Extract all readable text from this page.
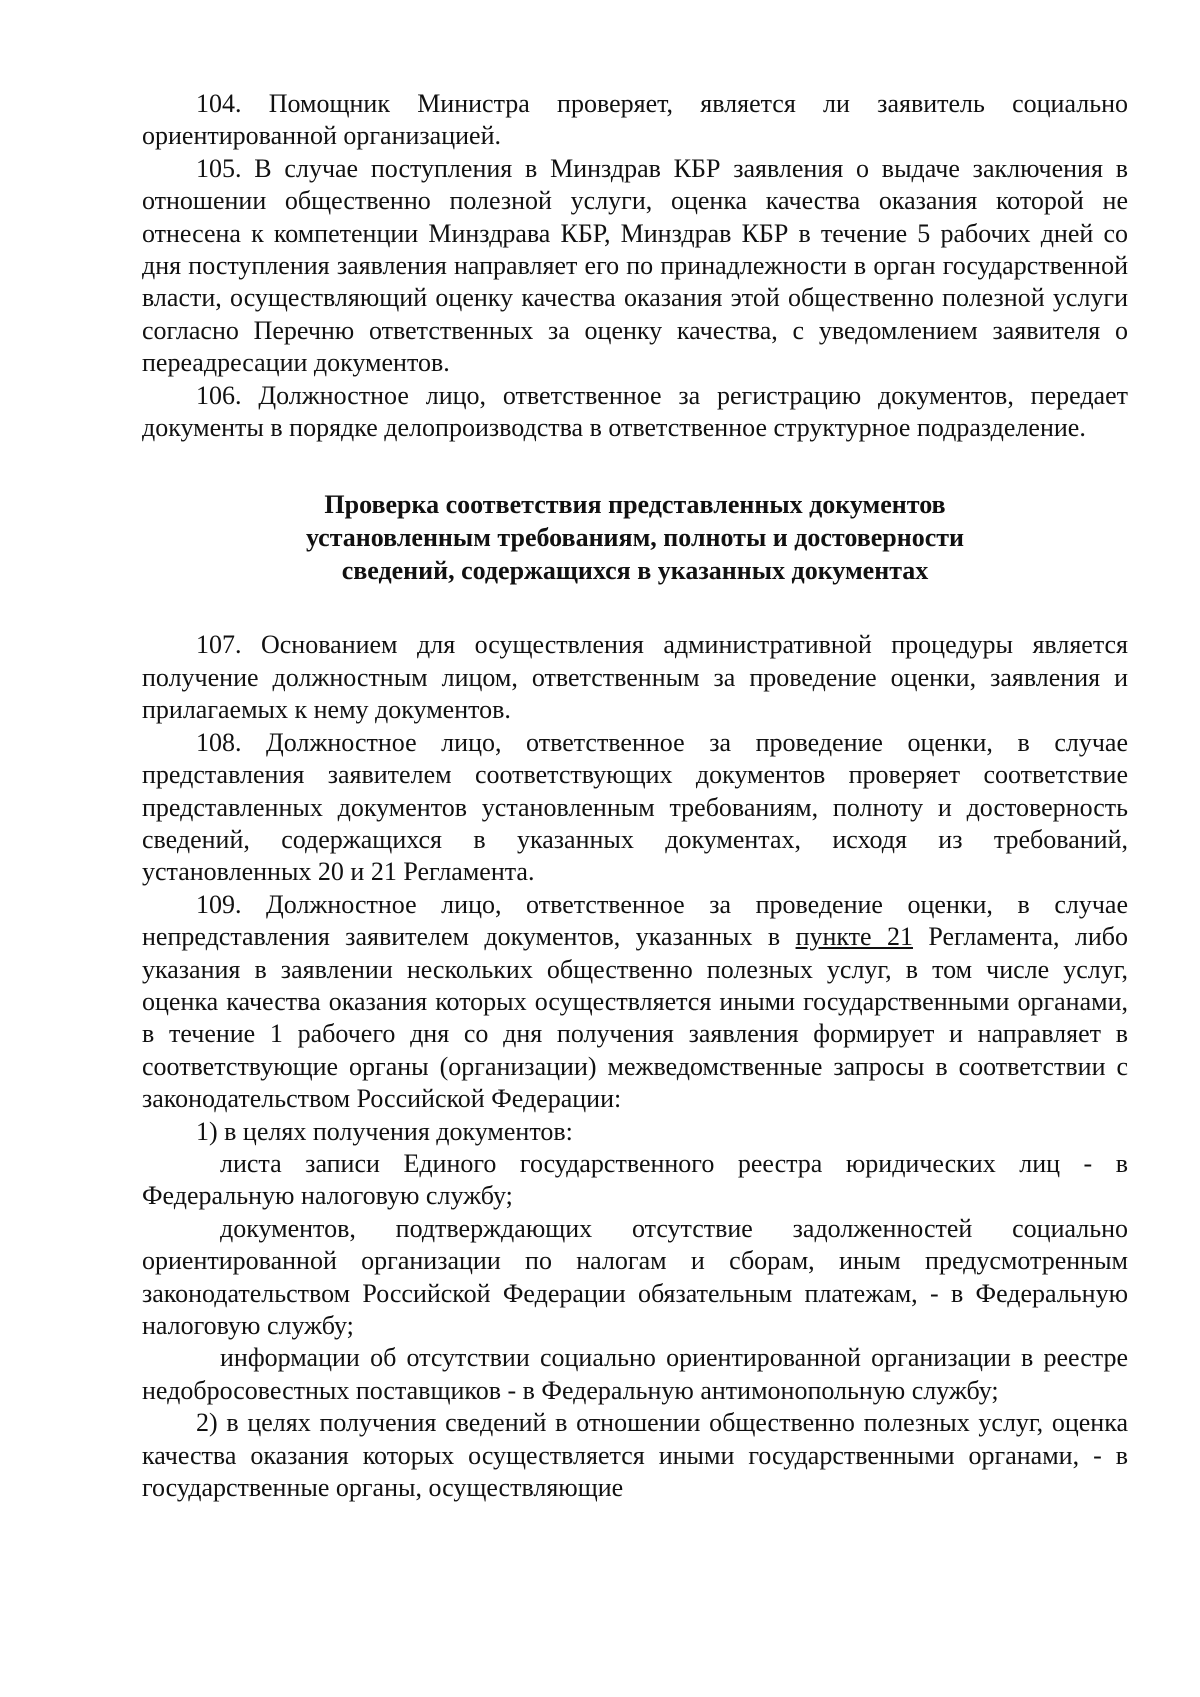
104. Помощник Министра проверяет, является ли заявитель социально ориентированной организацией.

105. В случае поступления в Минздрав КБР заявления о выдаче заключения в отношении общественно полезной услуги, оценка качества оказания которой не отнесена к компетенции Минздрава КБР, Минздрав КБР в течение 5 рабочих дней со дня поступления заявления направляет его по принадлежности в орган государственной власти, осуществляющий оценку качества оказания этой общественно полезной услуги согласно Перечню ответственных за оценку качества, с уведомлением заявителя о переадресации документов.

106. Должностное лицо, ответственное за регистрацию документов, передает документы в порядке делопроизводства в ответственное структурное подразделение.

Проверка соответствия представленных документов
установленным требованиям, полноты и достоверности
сведений, содержащихся в указанных документах

107. Основанием для осуществления административной процедуры является получение должностным лицом, ответственным за проведение оценки, заявления и прилагаемых к нему документов.

108. Должностное лицо, ответственное за проведение оценки, в случае представления заявителем соответствующих документов проверяет соответствие представленных документов установленным требованиям, полноту и достоверность сведений, содержащихся в указанных документах, исходя из требований, установленных 20 и 21 Регламента.

109. Должностное лицо, ответственное за проведение оценки, в случае непредставления заявителем документов, указанных в пункте 21 Регламента, либо указания в заявлении нескольких общественно полезных услуг, в том числе услуг, оценка качества оказания которых осуществляется иными государственными органами, в течение 1 рабочего дня со дня получения заявления формирует и направляет в соответствующие органы (организации) межведомственные запросы в соответствии с законодательством Российской Федерации:

1) в целях получения документов:

листа записи Единого государственного реестра юридических лиц - в Федеральную налоговую службу;

документов, подтверждающих отсутствие задолженностей социально ориентированной организации по налогам и сборам, иным предусмотренным законодательством Российской Федерации обязательным платежам, - в Федеральную налоговую службу;

информации об отсутствии социально ориентированной организации в реестре недобросовестных поставщиков - в Федеральную антимонопольную службу;

2) в целях получения сведений в отношении общественно полезных услуг, оценка качества оказания которых осуществляется иными государственными органами, - в государственные органы, осуществляющие
